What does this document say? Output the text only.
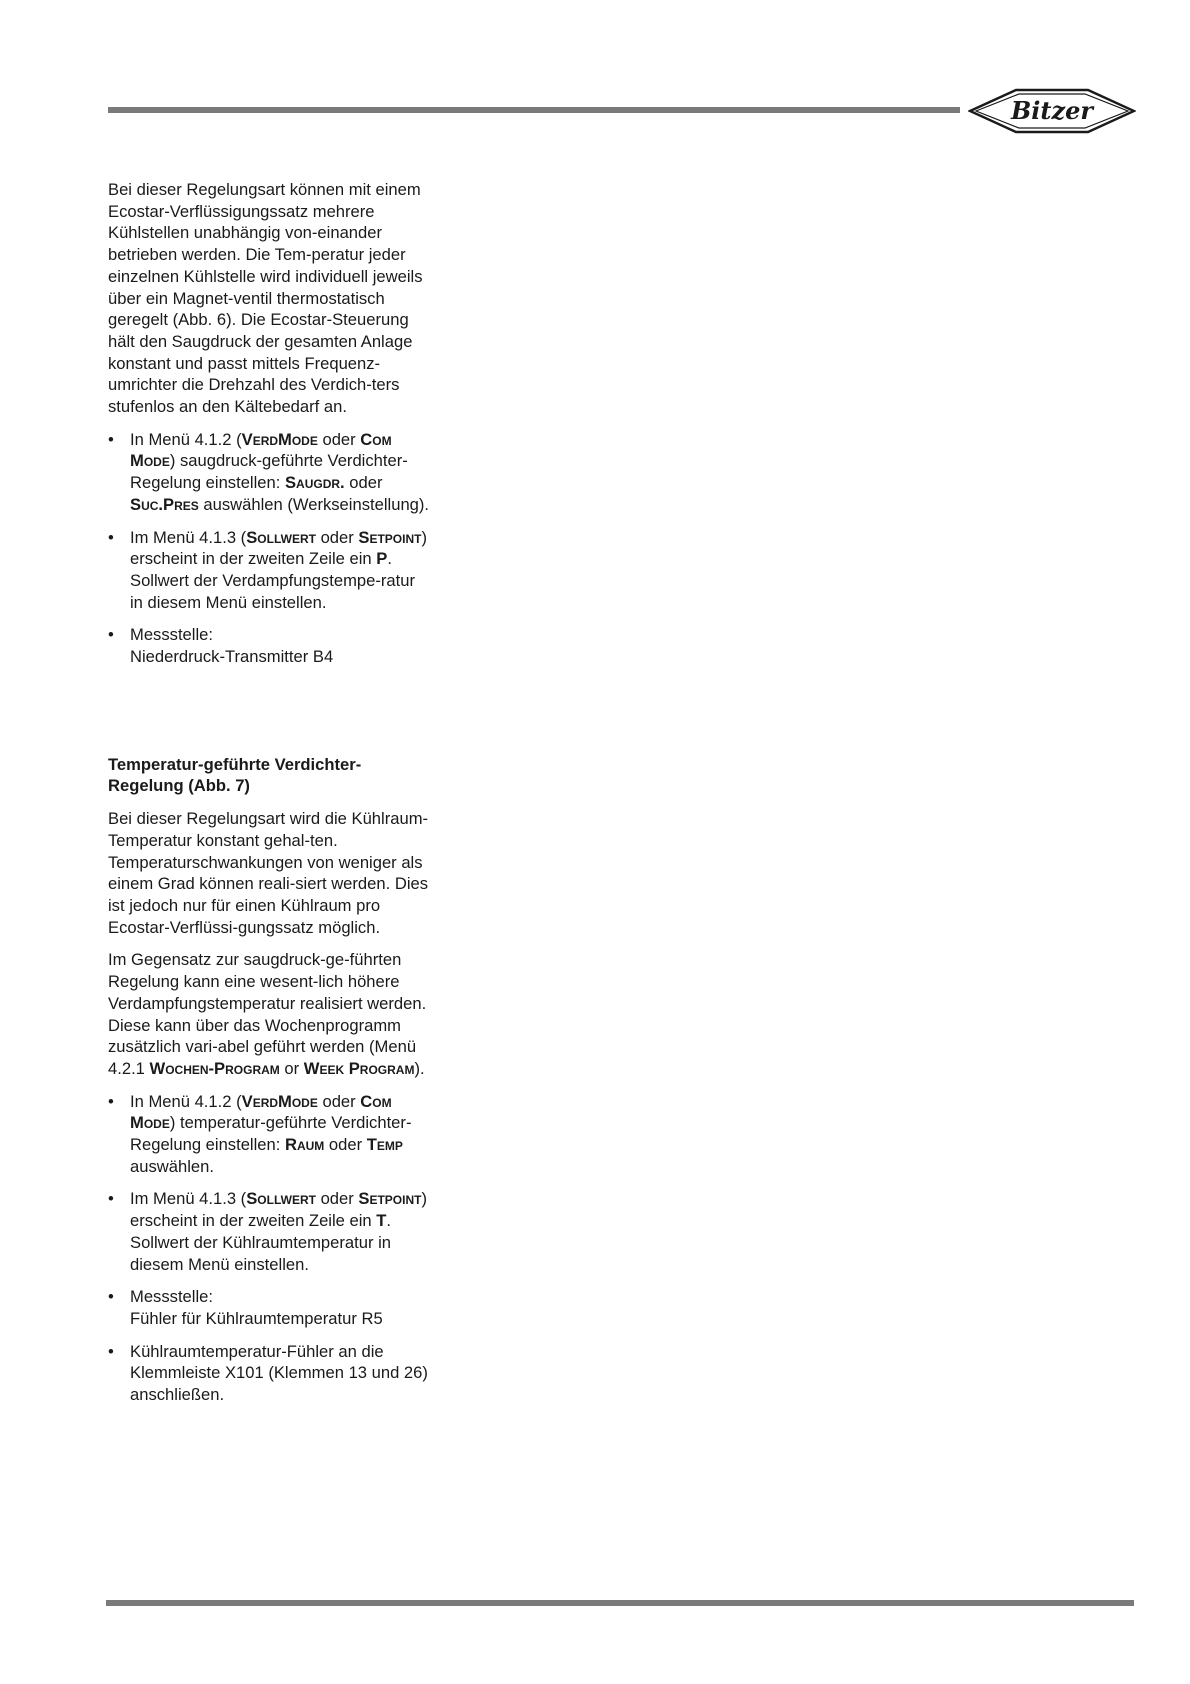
Bitzer

Bei dieser Regelungsart können mit einem Ecostar-Verflüssigungssatz mehrere Kühlstellen unabhängig von-einander betrieben werden. Die Tem-peratur jeder einzelnen Kühlstelle wird individuell jeweils über ein Magnet-ventil thermostatisch geregelt (Abb. 6). Die Ecostar-Steuerung hält den Saugdruck der gesamten Anlage konstant und passt mittels Frequenz-umrichter die Drehzahl des Verdich-ters stufenlos an den Kältebedarf an.

• In Menü 4.1.2 (VerdMode oder Com Mode) saugdruck-geführte Verdichter-Regelung einstellen: Saugdr. oder Suc.Pres auswählen (Werkseinstellung).
• Im Menü 4.1.3 (Sollwert oder Setpoint) erscheint in der zweiten Zeile ein P.
Sollwert der Verdampfungstempe-ratur in diesem Menü einstellen.
• Messstelle:
Niederdruck-Transmitter B4
Temperatur-geführte Verdichter-Regelung (Abb. 7)

Bei dieser Regelungsart wird die Kühlraum-Temperatur konstant gehal-ten. Temperaturschwankungen von weniger als einem Grad können reali-siert werden. Dies ist jedoch nur für einen Kühlraum pro Ecostar-Verflüssi-gungssatz möglich.

Im Gegensatz zur saugdruck-ge-führten Regelung kann eine wesent-lich höhere Verdampfungstemperatur realisiert werden. Diese kann über das Wochenprogramm zusätzlich vari-abel geführt werden (Menü 4.2.1 Wochen-Program or Week Program).

• In Menü 4.1.2 (VerdMode oder Com Mode) temperatur-geführte Verdichter-Regelung einstellen: Raum oder Temp auswählen.
• Im Menü 4.1.3 (Sollwert oder Setpoint) erscheint in der zweiten Zeile ein T.
Sollwert der Kühlraumtemperatur in diesem Menü einstellen.
• Messstelle:
Fühler für Kühlraumtemperatur R5
• Kühlraumtemperatur-Fühler an die Klemmleiste X101 (Klemmen 13 und 26) anschließen.
